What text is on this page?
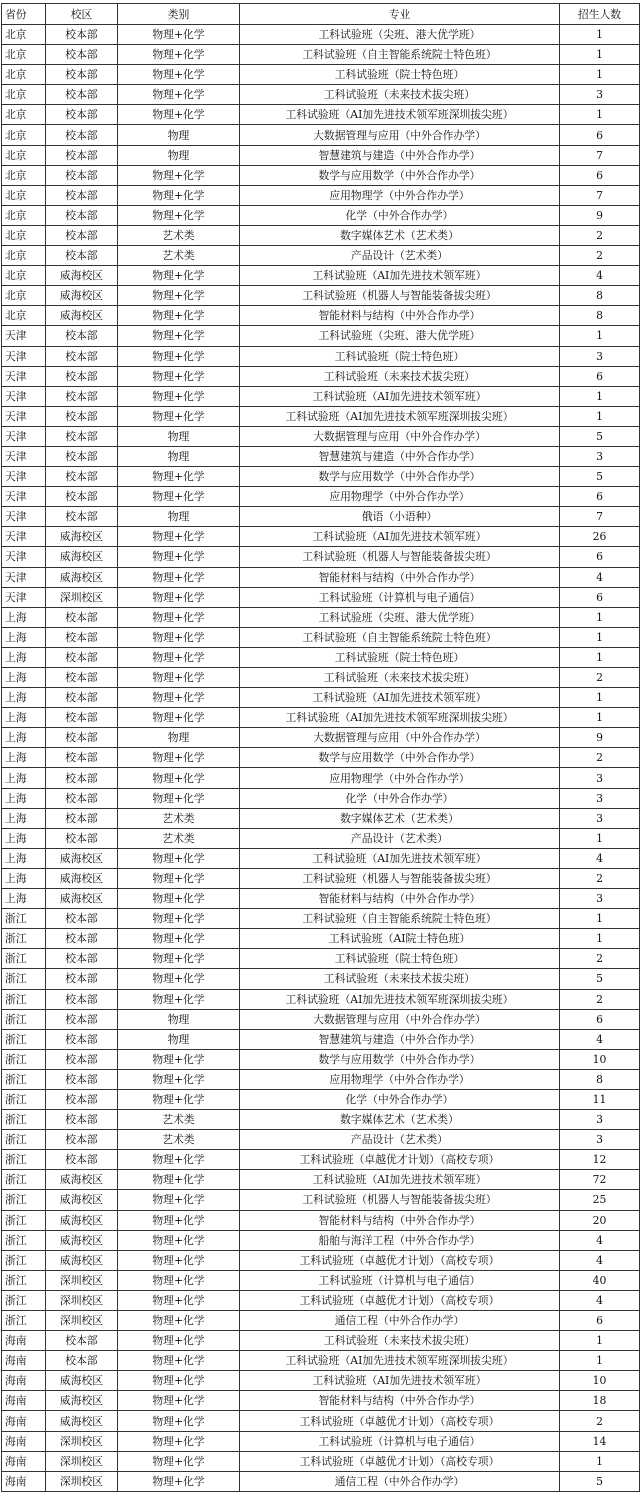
省份	校区	类别	专业	招生人数
北京	校本部	物理+化学	工科试验班（尖班、港大优学班）	1
北京	校本部	物理+化学	工科试验班（自主智能系统院士特色班）	1
北京	校本部	物理+化学	工科试验班（院士特色班）	1
北京	校本部	物理+化学	工科试验班（未来技术拔尖班）	3
北京	校本部	物理+化学	工科试验班（AI加先进技术领军班深圳拔尖班）	1
北京	校本部	物理	大数据管理与应用（中外合作办学）	6
北京	校本部	物理	智慧建筑与建造（中外合作办学）	7
北京	校本部	物理+化学	数学与应用数学（中外合作办学）	6
北京	校本部	物理+化学	应用物理学（中外合作办学）	7
北京	校本部	物理+化学	化学（中外合作办学）	9
北京	校本部	艺术类	数字媒体艺术（艺术类）	2
北京	校本部	艺术类	产品设计（艺术类）	2
北京	威海校区	物理+化学	工科试验班（AI加先进技术领军班）	4
北京	威海校区	物理+化学	工科试验班（机器人与智能装备拔尖班）	8
北京	威海校区	物理+化学	智能材料与结构（中外合作办学）	8
天津	校本部	物理+化学	工科试验班（尖班、港大优学班）	1
天津	校本部	物理+化学	工科试验班（院士特色班）	3
天津	校本部	物理+化学	工科试验班（未来技术拔尖班）	6
天津	校本部	物理+化学	工科试验班（AI加先进技术领军班）	1
天津	校本部	物理+化学	工科试验班（AI加先进技术领军班深圳拔尖班）	1
天津	校本部	物理	大数据管理与应用（中外合作办学）	5
天津	校本部	物理	智慧建筑与建造（中外合作办学）	3
天津	校本部	物理+化学	数学与应用数学（中外合作办学）	5
天津	校本部	物理+化学	应用物理学（中外合作办学）	6
天津	校本部	物理	俄语（小语种）	7
天津	威海校区	物理+化学	工科试验班（AI加先进技术领军班）	26
天津	威海校区	物理+化学	工科试验班（机器人与智能装备拔尖班）	6
天津	威海校区	物理+化学	智能材料与结构（中外合作办学）	4
天津	深圳校区	物理+化学	工科试验班（计算机与电子通信）	6
上海	校本部	物理+化学	工科试验班（尖班、港大优学班）	1
上海	校本部	物理+化学	工科试验班（自主智能系统院士特色班）	1
上海	校本部	物理+化学	工科试验班（院士特色班）	1
上海	校本部	物理+化学	工科试验班（未来技术拔尖班）	2
上海	校本部	物理+化学	工科试验班（AI加先进技术领军班）	1
上海	校本部	物理+化学	工科试验班（AI加先进技术领军班深圳拔尖班）	1
上海	校本部	物理	大数据管理与应用（中外合作办学）	9
上海	校本部	物理+化学	数学与应用数学（中外合作办学）	2
上海	校本部	物理+化学	应用物理学（中外合作办学）	3
上海	校本部	物理+化学	化学（中外合作办学）	3
上海	校本部	艺术类	数字媒体艺术（艺术类）	3
上海	校本部	艺术类	产品设计（艺术类）	1
上海	威海校区	物理+化学	工科试验班（AI加先进技术领军班）	4
上海	威海校区	物理+化学	工科试验班（机器人与智能装备拔尖班）	2
上海	威海校区	物理+化学	智能材料与结构（中外合作办学）	3
浙江	校本部	物理+化学	工科试验班（自主智能系统院士特色班）	1
浙江	校本部	物理+化学	工科试验班（AI院士特色班）	1
浙江	校本部	物理+化学	工科试验班（院士特色班）	2
浙江	校本部	物理+化学	工科试验班（未来技术拔尖班）	5
浙江	校本部	物理+化学	工科试验班（AI加先进技术领军班深圳拔尖班）	2
浙江	校本部	物理	大数据管理与应用（中外合作办学）	6
浙江	校本部	物理	智慧建筑与建造（中外合作办学）	4
浙江	校本部	物理+化学	数学与应用数学（中外合作办学）	10
浙江	校本部	物理+化学	应用物理学（中外合作办学）	8
浙江	校本部	物理+化学	化学（中外合作办学）	11
浙江	校本部	艺术类	数字媒体艺术（艺术类）	3
浙江	校本部	艺术类	产品设计（艺术类）	3
浙江	校本部	物理+化学	工科试验班（卓越优才计划）（高校专项）	12
浙江	威海校区	物理+化学	工科试验班（AI加先进技术领军班）	72
浙江	威海校区	物理+化学	工科试验班（机器人与智能装备拔尖班）	25
浙江	威海校区	物理+化学	智能材料与结构（中外合作办学）	20
浙江	威海校区	物理+化学	船舶与海洋工程（中外合作办学）	4
浙江	威海校区	物理+化学	工科试验班（卓越优才计划）（高校专项）	4
浙江	深圳校区	物理+化学	工科试验班（计算机与电子通信）	40
浙江	深圳校区	物理+化学	工科试验班（卓越优才计划）（高校专项）	4
浙江	深圳校区	物理+化学	通信工程（中外合作办学）	6
海南	校本部	物理+化学	工科试验班（未来技术拔尖班）	1
海南	校本部	物理+化学	工科试验班（AI加先进技术领军班深圳拔尖班）	1
海南	威海校区	物理+化学	工科试验班（AI加先进技术领军班）	10
海南	威海校区	物理+化学	智能材料与结构（中外合作办学）	18
海南	威海校区	物理+化学	工科试验班（卓越优才计划）（高校专项）	2
海南	深圳校区	物理+化学	工科试验班（计算机与电子通信）	14
海南	深圳校区	物理+化学	工科试验班（卓越优才计划）（高校专项）	1
海南	深圳校区	物理+化学	通信工程（中外合作办学）	5
